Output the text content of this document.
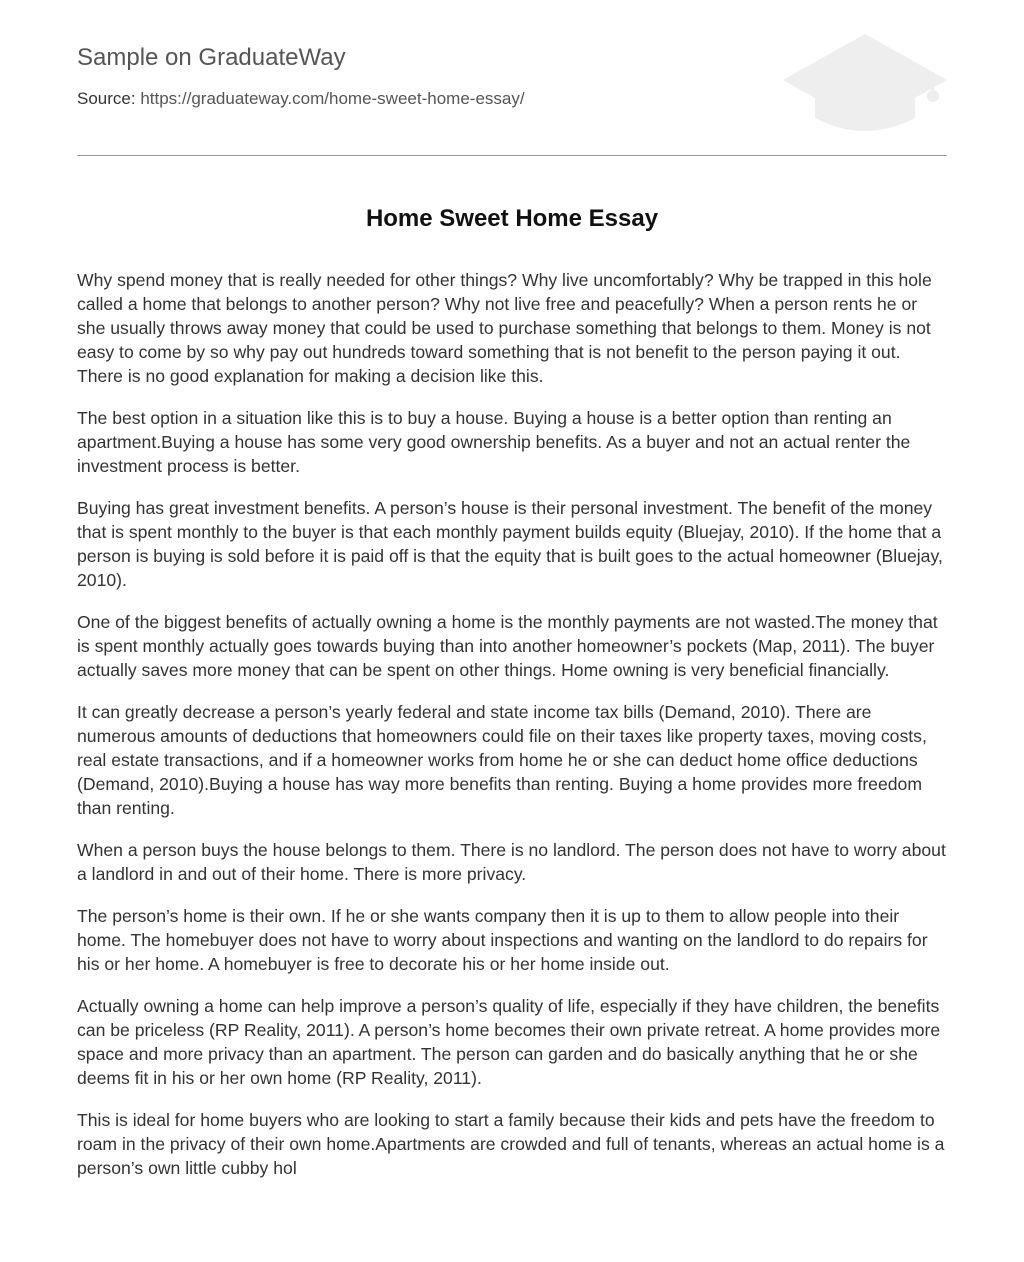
Sample on GraduateWay
Source: https://graduateway.com/home-sweet-home-essay/
Home Sweet Home Essay

Why spend money that is really needed for other things? Why live uncomfortably? Why be trapped in this hole called a home that belongs to another person? Why not live free and peacefully? When a person rents he or she usually throws away money that could be used to purchase something that belongs to them. Money is not easy to come by so why pay out hundreds toward something that is not benefit to the person paying it out. There is no good explanation for making a decision like this.

The best option in a situation like this is to buy a house. Buying a house is a better option than renting an apartment.Buying a house has some very good ownership benefits. As a buyer and not an actual renter the investment process is better.

Buying has great investment benefits. A person’s house is their personal investment. The benefit of the money that is spent monthly to the buyer is that each monthly payment builds equity (Bluejay, 2010). If the home that a person is buying is sold before it is paid off is that the equity that is built goes to the actual homeowner (Bluejay, 2010).

One of the biggest benefits of actually owning a home is the monthly payments are not wasted.The money that is spent monthly actually goes towards buying than into another homeowner’s pockets (Map, 2011). The buyer actually saves more money that can be spent on other things. Home owning is very beneficial financially.

It can greatly decrease a person’s yearly federal and state income tax bills (Demand, 2010). There are numerous amounts of deductions that homeowners could file on their taxes like property taxes, moving costs, real estate transactions, and if a homeowner works from home he or she can deduct home office deductions (Demand, 2010).Buying a house has way more benefits than renting. Buying a home provides more freedom than renting.

When a person buys the house belongs to them. There is no landlord. The person does not have to worry about a landlord in and out of their home. There is more privacy.

The person’s home is their own. If he or she wants company then it is up to them to allow people into their home. The homebuyer does not have to worry about inspections and wanting on the landlord to do repairs for his or her home. A homebuyer is free to decorate his or her home inside out.

Actually owning a home can help improve a person’s quality of life, especially if they have children, the benefits can be priceless (RP Reality, 2011). A person’s home becomes their own private retreat. A home provides more space and more privacy than an apartment. The person can garden and do basically anything that he or she deems fit in his or her own home (RP Reality, 2011).

This is ideal for home buyers who are looking to start a family because their kids and pets have the freedom to roam in the privacy of their own home.Apartments are crowded and full of tenants, whereas an actual home is a person’s own little cubby hol
